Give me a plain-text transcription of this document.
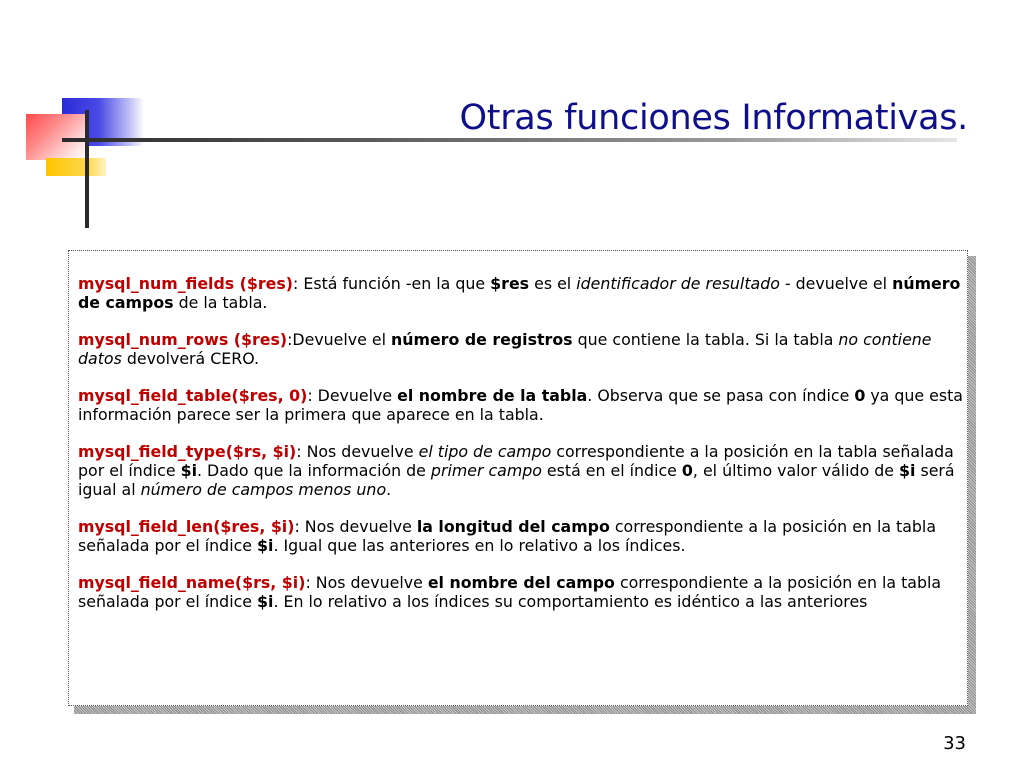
Otras funciones Informativas.

mysql_num_fields ($res): Está función -en la que $res es el identificador de resultado - devuelve el número de campos de la tabla.

mysql_num_rows ($res):Devuelve el número de registros que contiene la tabla. Si la tabla no contiene datos devolverá CERO.

mysql_field_table($res, 0): Devuelve el nombre de la tabla. Observa que se pasa con índice 0 ya que esta información parece ser la primera que aparece en la tabla.

mysql_field_type($rs, $i): Nos devuelve el tipo de campo correspondiente a la posición en la tabla señalada por el índice $i. Dado que la información de primer campo está en el índice 0, el último valor válido de $i será igual al número de campos menos uno.

mysql_field_len($res, $i): Nos devuelve la longitud del campo correspondiente a la posición en la tabla señalada por el índice $i. Igual que las anteriores en lo relativo a los índices.

mysql_field_name($rs, $i): Nos devuelve el nombre del campo correspondiente a la posición en la tabla señalada por el índice $i. En lo relativo a los índices su comportamiento es idéntico a las anteriores

33
